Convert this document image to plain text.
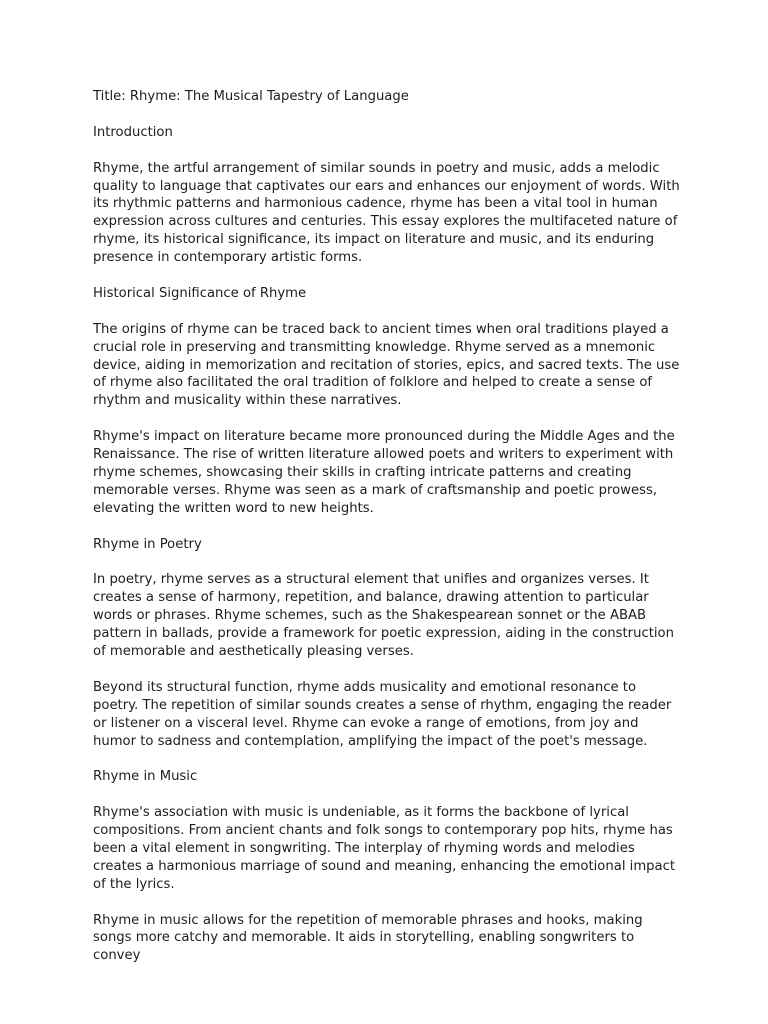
Title: Rhyme: The Musical Tapestry of Language

Introduction

Rhyme, the artful arrangement of similar sounds in poetry and music, adds a melodic quality to language that captivates our ears and enhances our enjoyment of words. With its rhythmic patterns and harmonious cadence, rhyme has been a vital tool in human expression across cultures and centuries. This essay explores the multifaceted nature of rhyme, its historical significance, its impact on literature and music, and its enduring presence in contemporary artistic forms.

Historical Significance of Rhyme

The origins of rhyme can be traced back to ancient times when oral traditions played a crucial role in preserving and transmitting knowledge. Rhyme served as a mnemonic device, aiding in memorization and recitation of stories, epics, and sacred texts. The use of rhyme also facilitated the oral tradition of folklore and helped to create a sense of rhythm and musicality within these narratives.

Rhyme's impact on literature became more pronounced during the Middle Ages and the Renaissance. The rise of written literature allowed poets and writers to experiment with rhyme schemes, showcasing their skills in crafting intricate patterns and creating memorable verses. Rhyme was seen as a mark of craftsmanship and poetic prowess, elevating the written word to new heights.

Rhyme in Poetry

In poetry, rhyme serves as a structural element that unifies and organizes verses. It creates a sense of harmony, repetition, and balance, drawing attention to particular words or phrases. Rhyme schemes, such as the Shakespearean sonnet or the ABAB pattern in ballads, provide a framework for poetic expression, aiding in the construction of memorable and aesthetically pleasing verses.

Beyond its structural function, rhyme adds musicality and emotional resonance to poetry. The repetition of similar sounds creates a sense of rhythm, engaging the reader or listener on a visceral level. Rhyme can evoke a range of emotions, from joy and humor to sadness and contemplation, amplifying the impact of the poet's message.

Rhyme in Music

Rhyme's association with music is undeniable, as it forms the backbone of lyrical compositions. From ancient chants and folk songs to contemporary pop hits, rhyme has been a vital element in songwriting. The interplay of rhyming words and melodies creates a harmonious marriage of sound and meaning, enhancing the emotional impact of the lyrics.

Rhyme in music allows for the repetition of memorable phrases and hooks, making songs more catchy and memorable. It aids in storytelling, enabling songwriters to convey
